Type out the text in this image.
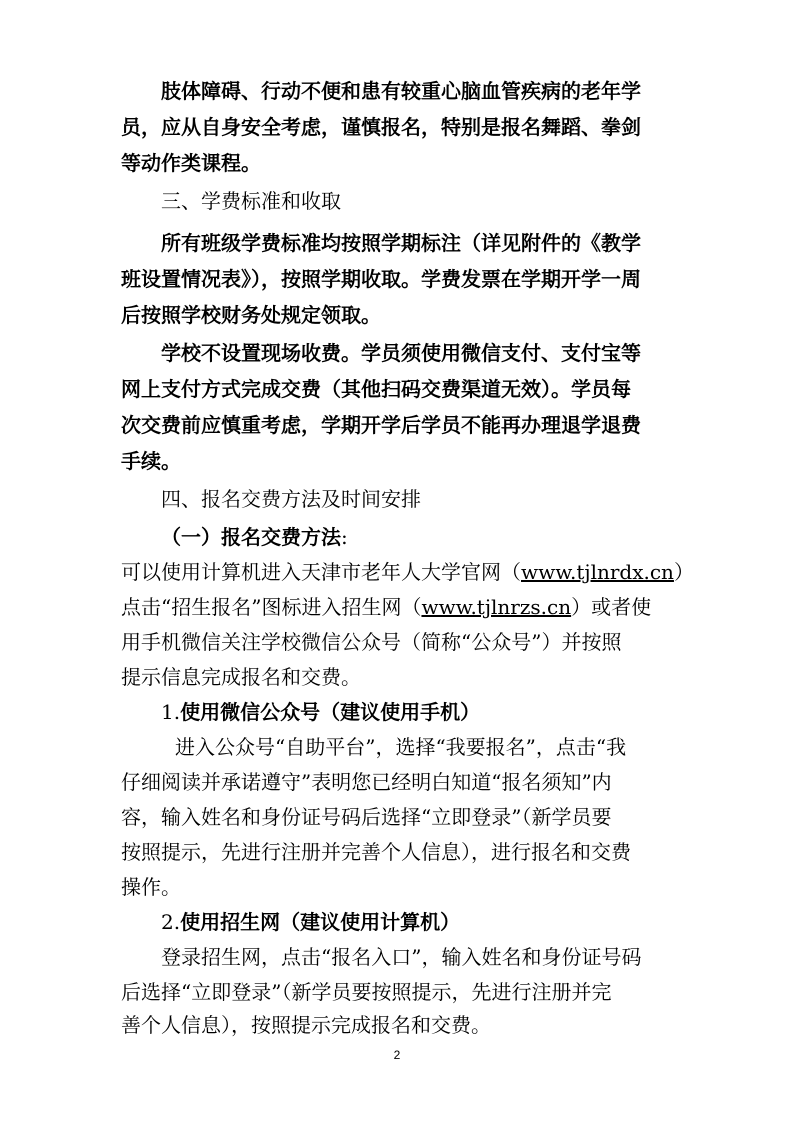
肢体障碍、行动不便和患有较重心脑血管疾病的老年学
员，应从自身安全考虑，谨慎报名，特别是报名舞蹈、拳剑
等动作类课程。
三、学费标准和收取
所有班级学费标准均按照学期标注（详见附件的《教学
班设置情况表》），按照学期收取。学费发票在学期开学一周
后按照学校财务处规定领取。
学校不设置现场收费。学员须使用微信支付、支付宝等
网上支付方式完成交费（其他扫码交费渠道无效）。学员每
次交费前应慎重考虑，学期开学后学员不能再办理退学退费
手续。
四、报名交费方法及时间安排
（一）报名交费方法:
可以使用计算机进入天津市老年人大学官网（www.tjlnrdx.cn）
点击“招生报名”图标进入招生网（www.tjlnrzs.cn）或者使
用手机微信关注学校微信公众号（简称“公众号”）并按照
提示信息完成报名和交费。
1.使用微信公众号（建议使用手机）
进入公众号“自助平台”，选择“我要报名”，点击“我
仔细阅读并承诺遵守”表明您已经明白知道“报名须知”内
容，输入姓名和身份证号码后选择“立即登录”（新学员要
按照提示，先进行注册并完善个人信息），进行报名和交费
操作。
2.使用招生网（建议使用计算机）
登录招生网，点击“报名入口”，输入姓名和身份证号码
后选择“立即登录”（新学员要按照提示，先进行注册并完
善个人信息），按照提示完成报名和交费。
2
